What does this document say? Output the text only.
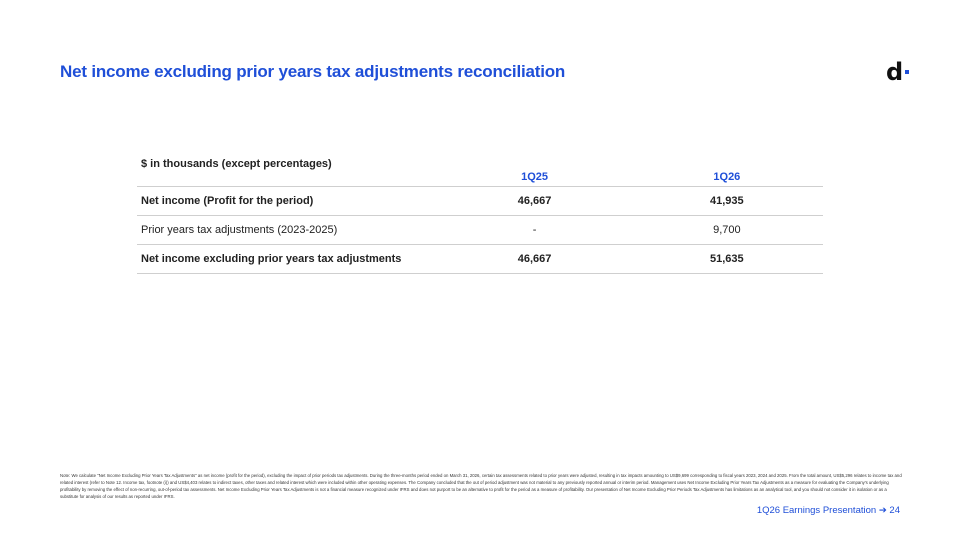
Net income excluding prior years tax adjustments reconciliation	d
$ in thousands (except percentages)	1Q25	1Q26
Net income (Profit for the period)	46,667	41,935
Prior years tax adjustments (2023-2025)	-	9,700
Net income excluding prior years tax adjustments	46,667	51,635

Note: We calculate "Net Income Excluding Prior Years Tax Adjustments" as net income (profit for the period), excluding the impact of prior periods tax adjustments. During the three-months period ended on March 31, 2026, certain tax assessments related to prior years were adjusted, resulting in tax impacts amounting to US$9,699 corresponding to fiscal years 2023, 2024 and 2025. From the total amount, US$5,296 relates to income tax and related interest (refer to Note 12. Income tax, footnote (i)) and US$4,403 relates to indirect taxes, other taxes and related interest which were included within other operating expenses. The Company concluded that the out of period adjustment was not material to any previously reported annual or interim period. Management uses Net Income Excluding Prior Years Tax Adjustments as a measure for evaluating the Company's underlying profitability by removing the effect of non-recurring, out-of-period tax assessments. Net Income Excluding Prior Years Tax Adjustments is not a financial measure recognized under IFRS and does not purport to be an alternative to profit for the period as a measure of profitability. Our presentation of Net Income Excluding Prior Periods Tax Adjustments has limitations as an analytical tool, and you should not consider it in isolation or as a substitute for analysis of our results as reported under IFRS.

1Q26 Earnings Presentation ➔ 24
